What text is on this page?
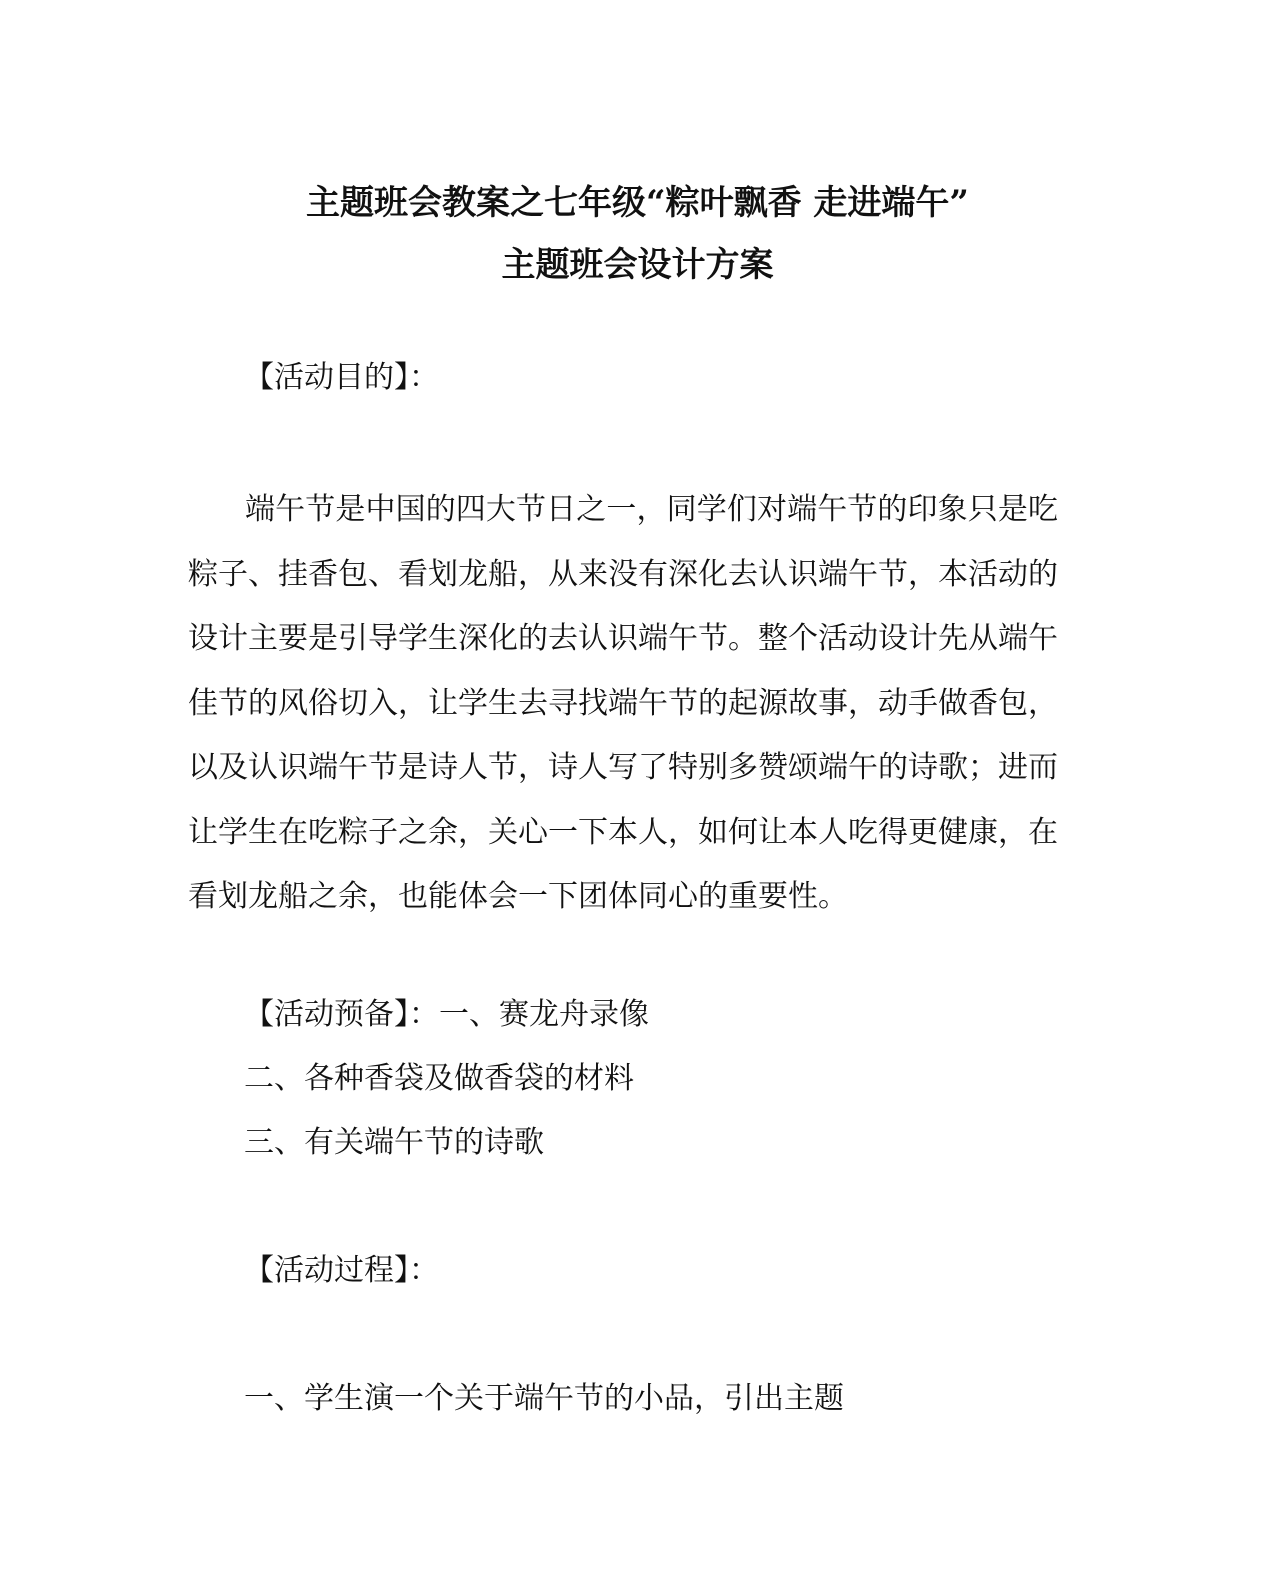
主题班会教案之七年级“粽叶飘香 走进端午”
主题班会设计方案
【活动目的】：
端午节是中国的四大节日之一，同学们对端午节的印象只是吃粽子、挂香包、看划龙船，从来没有深化去认识端午节，本活动的设计主要是引导学生深化的去认识端午节。整个活动设计先从端午佳节的风俗切入，让学生去寻找端午节的起源故事，动手做香包，以及认识端午节是诗人节，诗人写了特别多赞颂端午的诗歌；进而让学生在吃粽子之余，关心一下本人，如何让本人吃得更健康，在看划龙船之余，也能体会一下团体同心的重要性。
【活动预备】：一、赛龙舟录像
二、各种香袋及做香袋的材料
三、有关端午节的诗歌
【活动过程】：
一、学生演一个关于端午节的小品，引出主题
